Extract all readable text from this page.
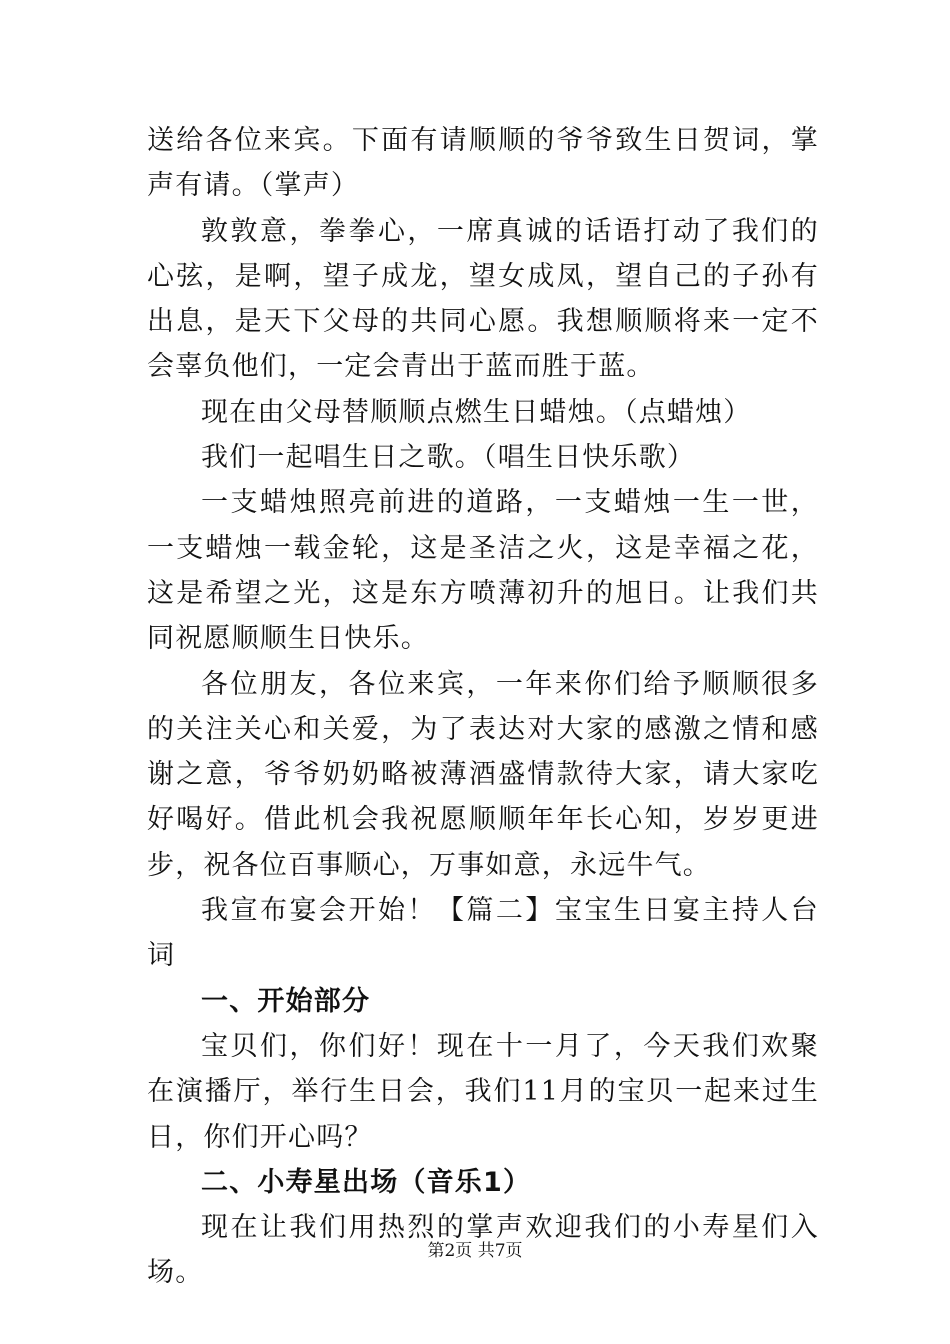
送给各位来宾。下面有请顺顺的爷爷致生日贺词，掌声有请。（掌声）

敦敦意，拳拳心，一席真诚的话语打动了我们的心弦，是啊，望子成龙，望女成凤，望自己的子孙有出息，是天下父母的共同心愿。我想顺顺将来一定不会辜负他们，一定会青出于蓝而胜于蓝。

现在由父母替顺顺点燃生日蜡烛。（点蜡烛）

我们一起唱生日之歌。（唱生日快乐歌）

一支蜡烛照亮前进的道路，一支蜡烛一生一世，一支蜡烛一载金轮，这是圣洁之火，这是幸福之花，这是希望之光，这是东方喷薄初升的旭日。让我们共同祝愿顺顺生日快乐。

各位朋友，各位来宾，一年来你们给予顺顺很多的关注关心和关爱，为了表达对大家的感激之情和感谢之意，爷爷奶奶略被薄酒盛情款待大家，请大家吃好喝好。借此机会我祝愿顺顺年年长心知，岁岁更进步，祝各位百事顺心，万事如意，永远牛气。

我宣布宴会开始！【篇二】宝宝生日宴主持人台词

一、开始部分

宝贝们，你们好！现在十一月了，今天我们欢聚在演播厅，举行生日会，我们11月的宝贝一起来过生日，你们开心吗？

二、小寿星出场（音乐1）

现在让我们用热烈的掌声欢迎我们的小寿星们入场。

第2页 共7页
